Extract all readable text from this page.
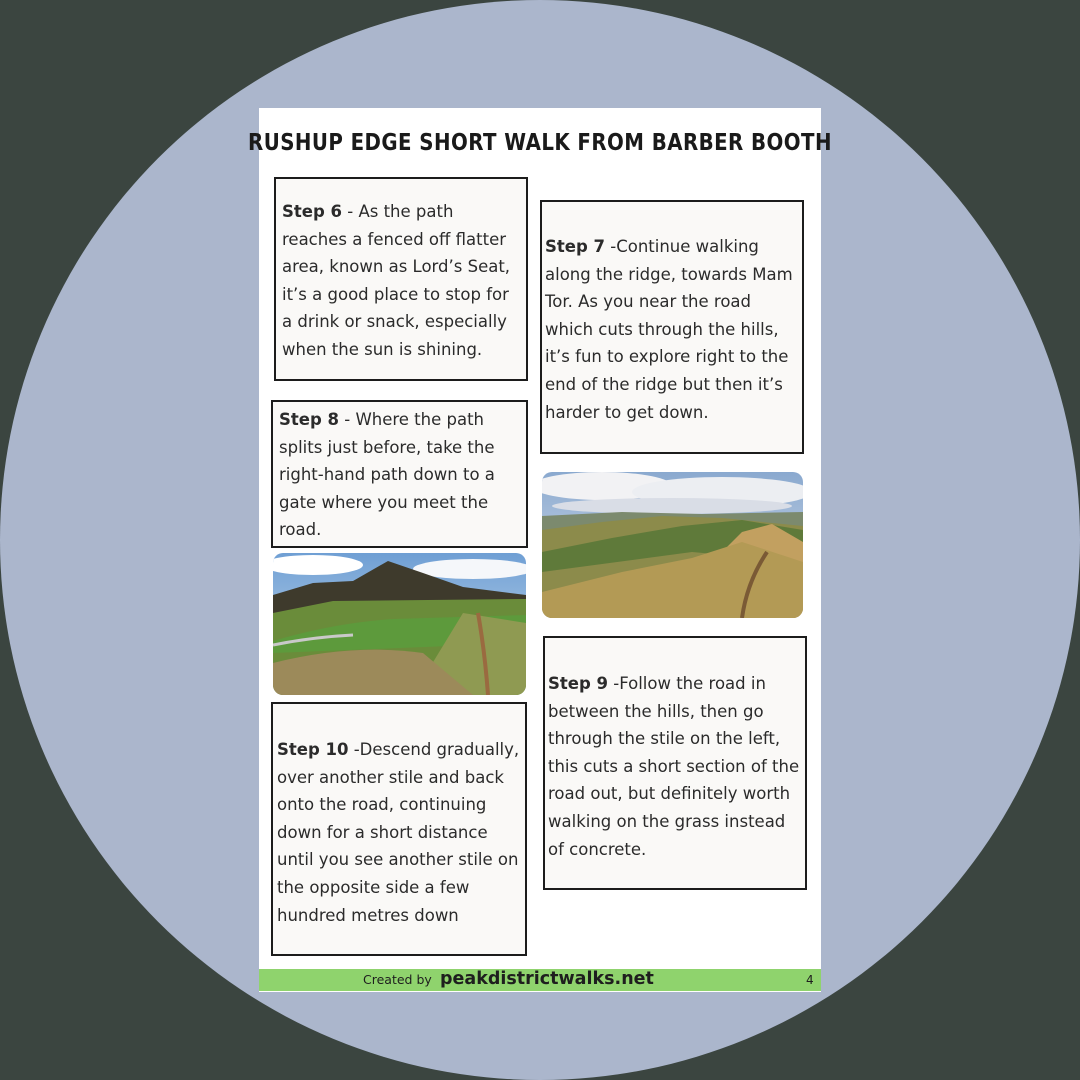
RUSHUP EDGE SHORT WALK FROM BARBER BOOTH
Step 6 - As the path reaches a fenced off flatter area, known as Lord’s Seat, it’s a good place to stop for a drink or snack, especially when the sun is shining.
Step 7 -Continue walking along the ridge, towards Mam Tor. As you near the road which cuts through the hills, it’s fun to explore right to the end of the ridge but then it’s harder to get down.
Step 8 - Where the path splits just before, take the right-hand path down to a gate where you meet the road.
Step 9 -Follow the road in between the hills, then go through the stile on the left, this cuts a short section of the road out, but definitely worth walking on the grass instead of concrete.
Step 10 -Descend gradually, over another stile and back onto the road, continuing down for a short distance until you see another stile on the opposite side a few hundred metres down
Created by peakdistrictwalks.net	4
